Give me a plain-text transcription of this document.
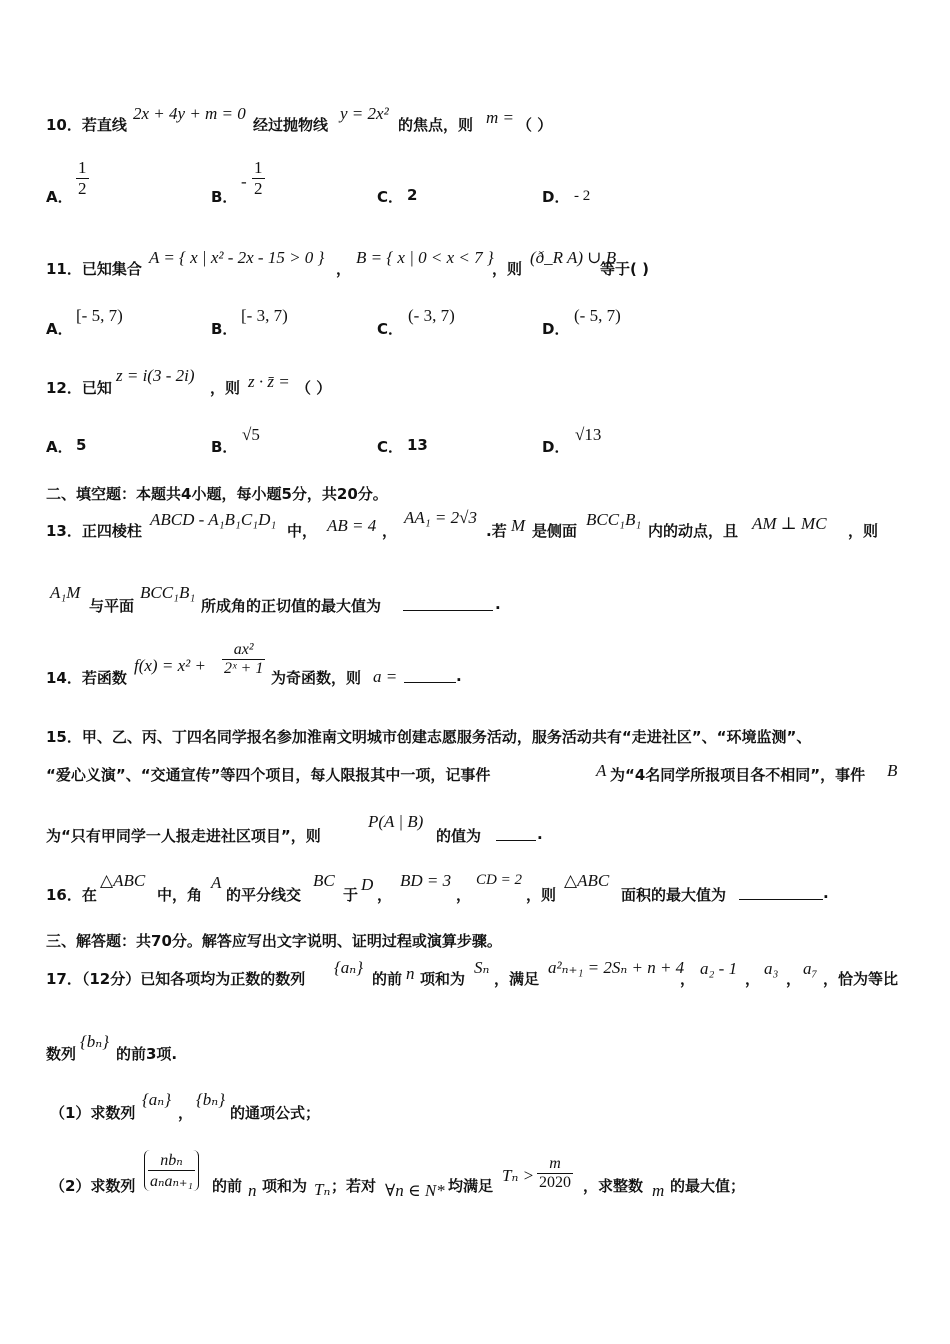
10．若直线
2x + 4y + m = 0
经过抛物线
y = 2x²
的焦点，则 m = （ ）
A． $\frac{1}{2}$	B．
- $\frac{1}{2}$	C． 2	D． - 2
11．已知集合
A = { x | x² - 2x - 15 > 0 }
，
B = { x | 0 < x < 7 }
，则
(ð_R A) ∪ B
等于( )
A．
[- 5, 7)
B．
[- 3, 7)
C．
(- 3, 7)
D．
(- 5, 7)
12．已知
z = i(3 - 2i)
，则 z · z̄ = （ ）
A． 5	B．
√5
C． 13	D．
√13
二、填空题：本题共4小题，每小题5分，共20分。
13．正四棱柱
ABCD - A₁B₁C₁D₁
中， AB = 4 ，
AA₁ = 2√3
.若 M 是侧面
BCC₁B₁
内的动点，且 AM ⊥ MC ，则
A₁M
与平面
BCC₁B₁
所成角的正切值的最大值为	.
14．若函数
$f(x) = x^2 + \frac{\text{ax²}}{\text{2ˣ + 1}}$ 为奇函数，则 a =	.
15．甲、乙、丙、丁四名同学报名参加淮南文明城市创建志愿服务活动，服务活动共有“走进社区”、“环境监测”、
“爱心义演”、“交通宣传”等四个项目，每人限报其中一项，记事件	A 为“4名同学所报项目各不相同”，事件 B
为“只有甲同学一人报走进社区项目”，则
P(A | B)
的值为	.
16．在
△ABC
中，角
A
的平分线交
BC
于
D
，
BD = 3
，
CD = 2
，则
△ABC
面积的最大值为	.
三、解答题：共70分。解答应写出文字说明、证明过程或演算步骤。
17．（12分）已知各项均为正数的数列
{aₙ}
的前 n 项和为
Sₙ
，满足
a²ₙ₊₁ = 2Sₙ + n + 4
，
a₂ - 1
，
a₃
，
a₇
，恰为等比
数列
{bₙ}
的前3项.
（1）求数列
{aₙ}
，
{bₙ}
的通项公式；
（2）求数列
nbₙ
aₙaₙ₊₁ 的前 n 项和为 Tₙ ；若对 ∀n ∈ N* 均满足
$T_n > \frac{m}{2020}$ ，求整数 m 的最大值；
